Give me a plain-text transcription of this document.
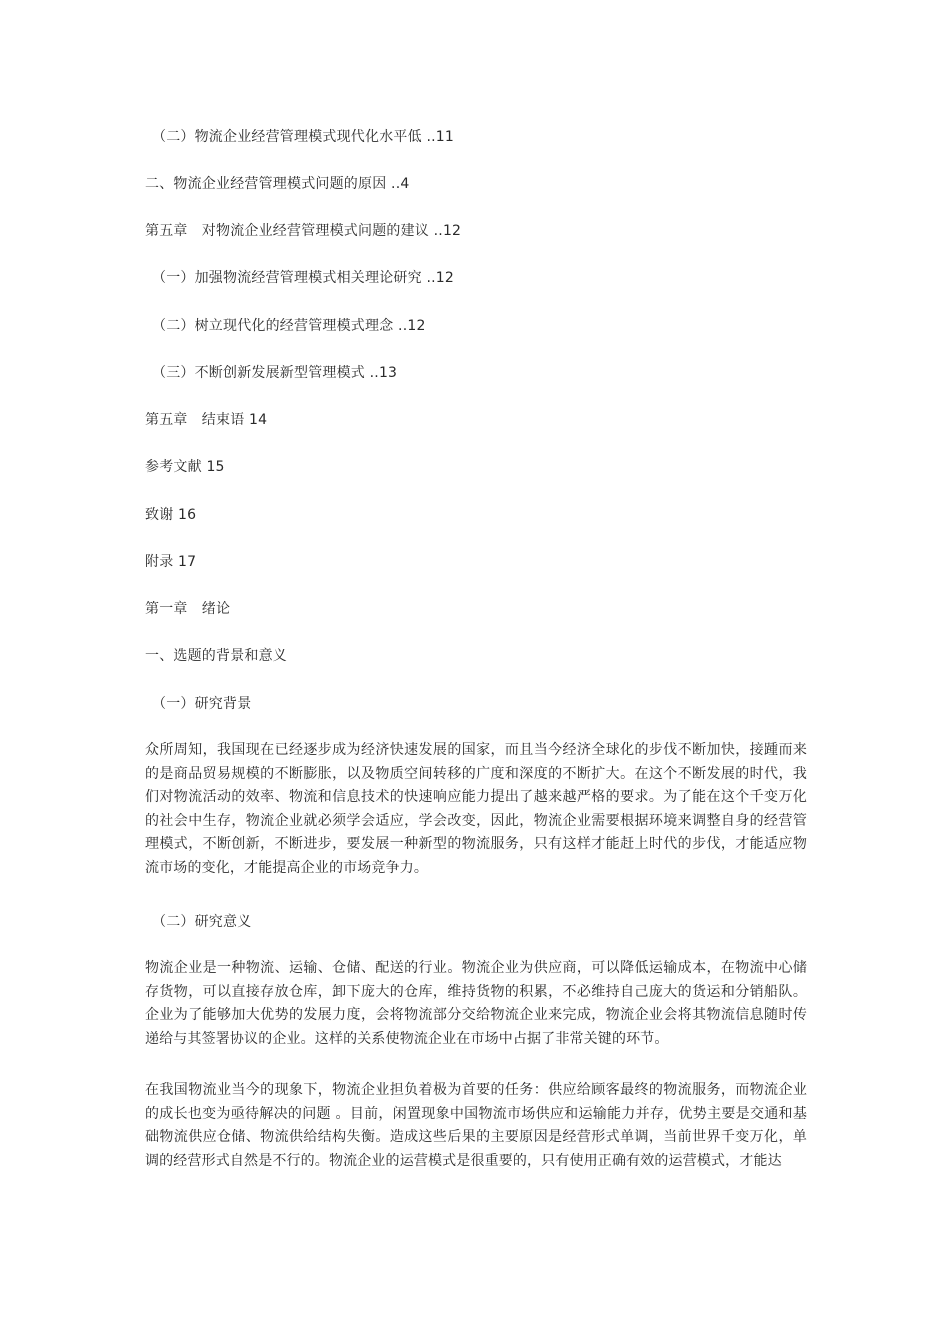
（二）物流企业经营管理模式现代化水平低 ..11
二、物流企业经营管理模式问题的原因 ..4
第五章　对物流企业经营管理模式问题的建议 ..12
（一）加强物流经营管理模式相关理论研究 ..12
（二）树立现代化的经营管理模式理念 ..12
（三）不断创新发展新型管理模式 ..13
第五章　结束语 14
参考文献 15
致谢 16
附录 17
第一章　绪论
一、选题的背景和意义
（一）研究背景
众所周知，我国现在已经逐步成为经济快速发展的国家，而且当今经济全球化的步伐不断加快，接踵而来的是商品贸易规模的不断膨胀，以及物质空间转移的广度和深度的不断扩大。在这个不断发展的时代，我们对物流活动的效率、物流和信息技术的快速响应能力提出了越来越严格的要求。为了能在这个千变万化的社会中生存，物流企业就必须学会适应，学会改变，因此，物流企业需要根据环境来调整自身的经营管理模式，不断创新，不断进步，要发展一种新型的物流服务，只有这样才能赶上时代的步伐，才能适应物流市场的变化，才能提高企业的市场竞争力。
（二）研究意义
物流企业是一种物流、运输、仓储、配送的行业。物流企业为供应商，可以降低运输成本，在物流中心储存货物，可以直接存放仓库，卸下庞大的仓库，维持货物的积累，不必维持自己庞大的货运和分销船队。企业为了能够加大优势的发展力度，会将物流部分交给物流企业来完成，物流企业会将其物流信息随时传递给与其签署协议的企业。这样的关系使物流企业在市场中占据了非常关键的环节。
在我国物流业当今的现象下，物流企业担负着极为首要的任务：供应给顾客最终的物流服务，而物流企业的成长也变为亟待解决的问题 。目前，闲置现象中国物流市场供应和运输能力并存，优势主要是交通和基础物流供应仓储、物流供给结构失衡。造成这些后果的主要原因是经营形式单调，当前世界千变万化，单调的经营形式自然是不行的。物流企业的运营模式是很重要的，只有使用正确有效的运营模式，才能达
